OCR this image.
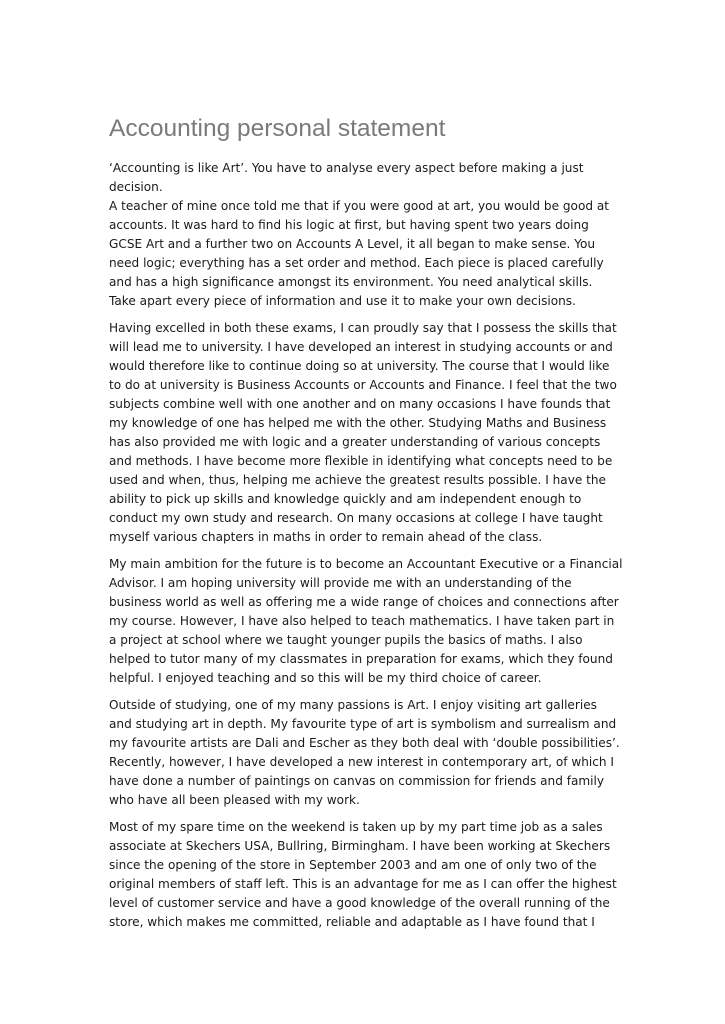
Accounting personal statement

‘Accounting is like Art’. You have to analyse every aspect before making a just
decision.
A teacher of mine once told me that if you were good at art, you would be good at
accounts. It was hard to find his logic at first, but having spent two years doing
GCSE Art and a further two on Accounts A Level, it all began to make sense. You
need logic; everything has a set order and method. Each piece is placed carefully
and has a high significance amongst its environment. You need analytical skills.
Take apart every piece of information and use it to make your own decisions.

Having excelled in both these exams, I can proudly say that I possess the skills that
will lead me to university. I have developed an interest in studying accounts or and
would therefore like to continue doing so at university. The course that I would like
to do at university is Business Accounts or Accounts and Finance. I feel that the two
subjects combine well with one another and on many occasions I have founds that
my knowledge of one has helped me with the other. Studying Maths and Business
has also provided me with logic and a greater understanding of various concepts
and methods. I have become more flexible in identifying what concepts need to be
used and when, thus, helping me achieve the greatest results possible. I have the
ability to pick up skills and knowledge quickly and am independent enough to
conduct my own study and research. On many occasions at college I have taught
myself various chapters in maths in order to remain ahead of the class.

My main ambition for the future is to become an Accountant Executive or a Financial
Advisor. I am hoping university will provide me with an understanding of the
business world as well as offering me a wide range of choices and connections after
my course. However, I have also helped to teach mathematics. I have taken part in
a project at school where we taught younger pupils the basics of maths. I also
helped to tutor many of my classmates in preparation for exams, which they found
helpful. I enjoyed teaching and so this will be my third choice of career.

Outside of studying, one of my many passions is Art. I enjoy visiting art galleries
and studying art in depth. My favourite type of art is symbolism and surrealism and
my favourite artists are Dali and Escher as they both deal with ‘double possibilities’.
Recently, however, I have developed a new interest in contemporary art, of which I
have done a number of paintings on canvas on commission for friends and family
who have all been pleased with my work.

Most of my spare time on the weekend is taken up by my part time job as a sales
associate at Skechers USA, Bullring, Birmingham. I have been working at Skechers
since the opening of the store in September 2003 and am one of only two of the
original members of staff left. This is an advantage for me as I can offer the highest
level of customer service and have a good knowledge of the overall running of the
store, which makes me committed, reliable and adaptable as I have found that I
